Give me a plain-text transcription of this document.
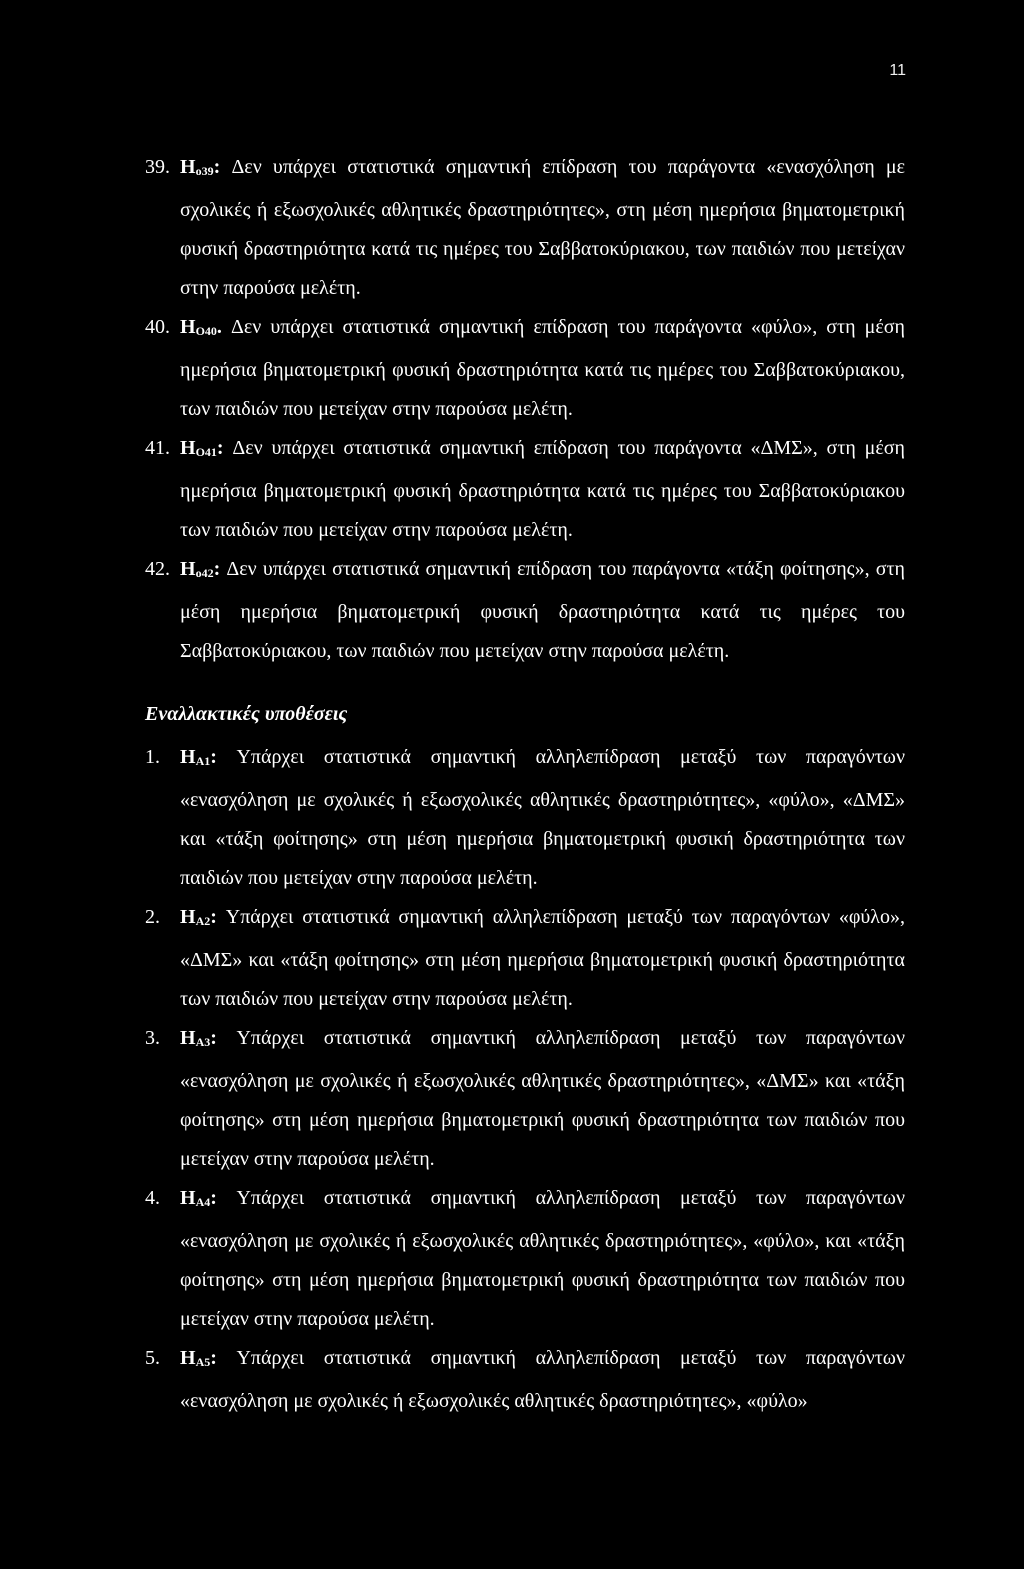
11
39. $H_{o39}$: Δεν υπάρχει στατιστικά σημαντική επίδραση του παράγοντα «ενασχόληση με σχολικές ή εξωσχολικές αθλητικές δραστηριότητες», στη μέση ημερήσια βηματομετρική φυσική δραστηριότητα κατά τις ημέρες του Σαββατοκύριακου, των παιδιών που μετείχαν στην παρούσα μελέτη.
40. $H_{O40}$. Δεν υπάρχει στατιστικά σημαντική επίδραση του παράγοντα «φύλο», στη μέση ημερήσια βηματομετρική φυσική δραστηριότητα κατά τις ημέρες του Σαββατοκύριακου, των παιδιών που μετείχαν στην παρούσα μελέτη.
41. $H_{O41}$: Δεν υπάρχει στατιστικά σημαντική επίδραση του παράγοντα «ΔΜΣ», στη μέση ημερήσια βηματομετρική φυσική δραστηριότητα κατά τις ημέρες του Σαββατοκύριακου των παιδιών που μετείχαν στην παρούσα μελέτη.
42. $H_{o42}$: Δεν υπάρχει στατιστικά σημαντική επίδραση του παράγοντα «τάξη φοίτησης», στη μέση ημερήσια βηματομετρική φυσική δραστηριότητα κατά τις ημέρες του Σαββατοκύριακου, των παιδιών που μετείχαν στην παρούσα μελέτη.
Εναλλακτικές υποθέσεις
1. $H_{A1}$: Υπάρχει στατιστικά σημαντική αλληλεπίδραση μεταξύ των παραγόντων «ενασχόληση με σχολικές ή εξωσχολικές αθλητικές δραστηριότητες», «φύλο», «ΔΜΣ» και «τάξη φοίτησης» στη μέση ημερήσια βηματομετρική φυσική δραστηριότητα των παιδιών που μετείχαν στην παρούσα μελέτη.
2. $H_{A2}$: Υπάρχει στατιστικά σημαντική αλληλεπίδραση μεταξύ των παραγόντων «φύλο», «ΔΜΣ» και «τάξη φοίτησης» στη μέση ημερήσια βηματομετρική φυσική δραστηριότητα των παιδιών που μετείχαν στην παρούσα μελέτη.
3. $H_{A3}$: Υπάρχει στατιστικά σημαντική αλληλεπίδραση μεταξύ των παραγόντων «ενασχόληση με σχολικές ή εξωσχολικές αθλητικές δραστηριότητες», «ΔΜΣ» και «τάξη φοίτησης» στη μέση ημερήσια βηματομετρική φυσική δραστηριότητα των παιδιών που μετείχαν στην παρούσα μελέτη.
4. $H_{A4}$: Υπάρχει στατιστικά σημαντική αλληλεπίδραση μεταξύ των παραγόντων «ενασχόληση με σχολικές ή εξωσχολικές αθλητικές δραστηριότητες», «φύλο», και «τάξη φοίτησης» στη μέση ημερήσια βηματομετρική φυσική δραστηριότητα των παιδιών που μετείχαν στην παρούσα μελέτη.
5. $H_{A5}$: Υπάρχει στατιστικά σημαντική αλληλεπίδραση μεταξύ των παραγόντων «ενασχόληση με σχολικές ή εξωσχολικές αθλητικές δραστηριότητες», «φύλο»
